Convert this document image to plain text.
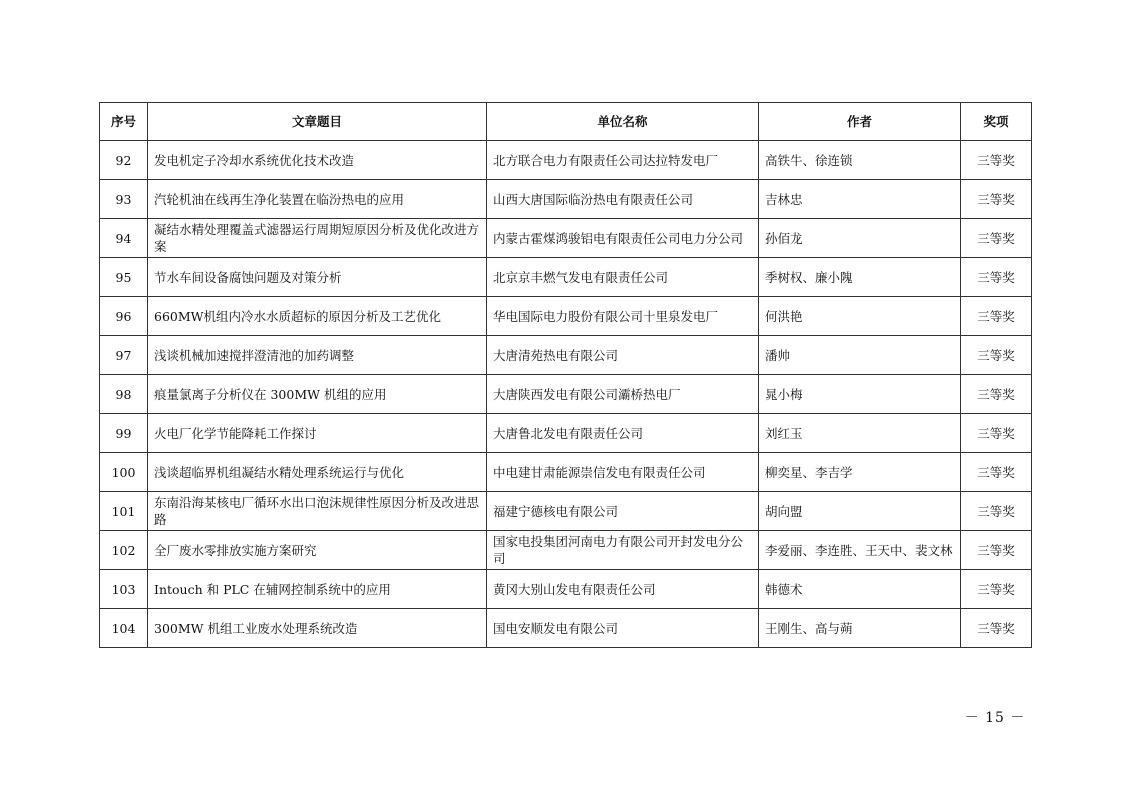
序号	文章题目	单位名称	作者	奖项
92	发电机定子冷却水系统优化技术改造	北方联合电力有限责任公司达拉特发电厂	高铁牛、徐连锁	三等奖
93	汽轮机油在线再生净化装置在临汾热电的应用	山西大唐国际临汾热电有限责任公司	吉林忠	三等奖
94	凝结水精处理覆盖式滤器运行周期短原因分析及优化改进方案	内蒙古霍煤鸿骏铝电有限责任公司电力分公司	孙佰龙	三等奖
95	节水车间设备腐蚀问题及对策分析	北京京丰燃气发电有限责任公司	季树权、廉小隗	三等奖
96	660MW机组内冷水水质超标的原因分析及工艺优化	华电国际电力股份有限公司十里泉发电厂	何洪艳	三等奖
97	浅谈机械加速搅拌澄清池的加药调整	大唐清苑热电有限公司	潘帅	三等奖
98	痕量氯离子分析仪在 300MW 机组的应用	大唐陕西发电有限公司灞桥热电厂	晁小梅	三等奖
99	火电厂化学节能降耗工作探讨	大唐鲁北发电有限责任公司	刘红玉	三等奖
100	浅谈超临界机组凝结水精处理系统运行与优化	中电建甘肃能源崇信发电有限责任公司	柳奕星、李吉学	三等奖
101	东南沿海某核电厂循环水出口泡沫规律性原因分析及改进思路	福建宁德核电有限公司	胡向盟	三等奖
102	全厂废水零排放实施方案研究	国家电投集团河南电力有限公司开封发电分公司	李爱丽、李连胜、王天中、裴文林	三等奖
103	Intouch 和 PLC 在辅网控制系统中的应用	黄冈大别山发电有限责任公司	韩德术	三等奖
104	300MW 机组工业废水处理系统改造	国电安顺发电有限公司	王刚生、高与蒴	三等奖
－ 15 －
